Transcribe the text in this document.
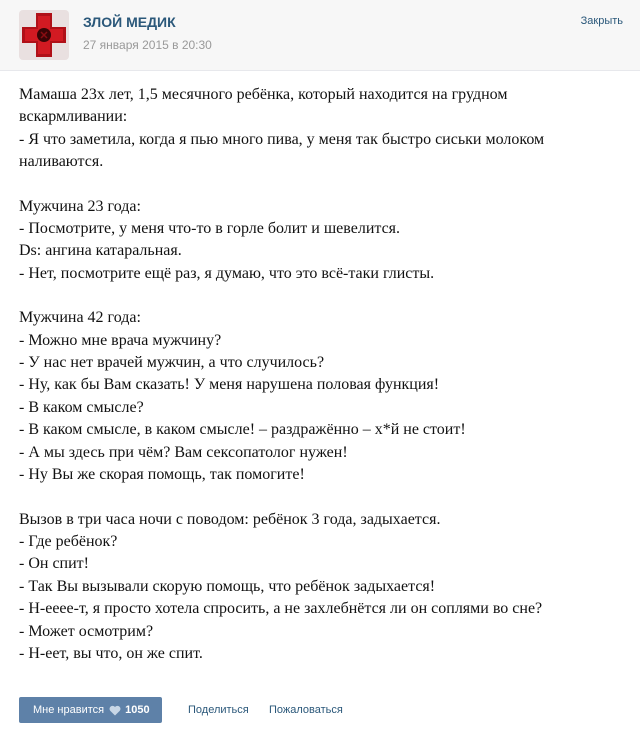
ЗЛОЙ МЕДИК
27 января 2015 в 20:30
Закрыть
Мамаша 23х лет, 1,5 месячного ребёнка, который находится на грудном вскармливании:
- Я что заметила, когда я пью много пива, у меня так быстро сиськи молоком наливаются.
Мужчина 23 года:
- Посмотрите, у меня что-то в горле болит и шевелится.
Ds: ангина катаральная.
- Нет, посмотрите ещё раз, я думаю, что это всё-таки глисты.
Мужчина 42 года:
- Можно мне врача мужчину?
- У нас нет врачей мужчин, а что случилось?
- Ну, как бы Вам сказать! У меня нарушена половая функция!
- В каком смысле?
- В каком смысле, в каком смысле! – раздражённо – х*й не стоит!
- А мы здесь при чём? Вам сексопатолог нужен!
- Ну Вы же скорая помощь, так помогите!
Вызов в три часа ночи с поводом: ребёнок 3 года, задыхается.
- Где ребёнок?
- Он спит!
- Так Вы вызывали скорую помощь, что ребёнок задыхается!
- Н-ееее-т, я просто хотела спросить, а не захлебнётся ли он соплями во сне?
- Может осмотрим?
- Н-еет, вы что, он же спит.
Мне нравится 1050	Поделиться Пожаловаться
